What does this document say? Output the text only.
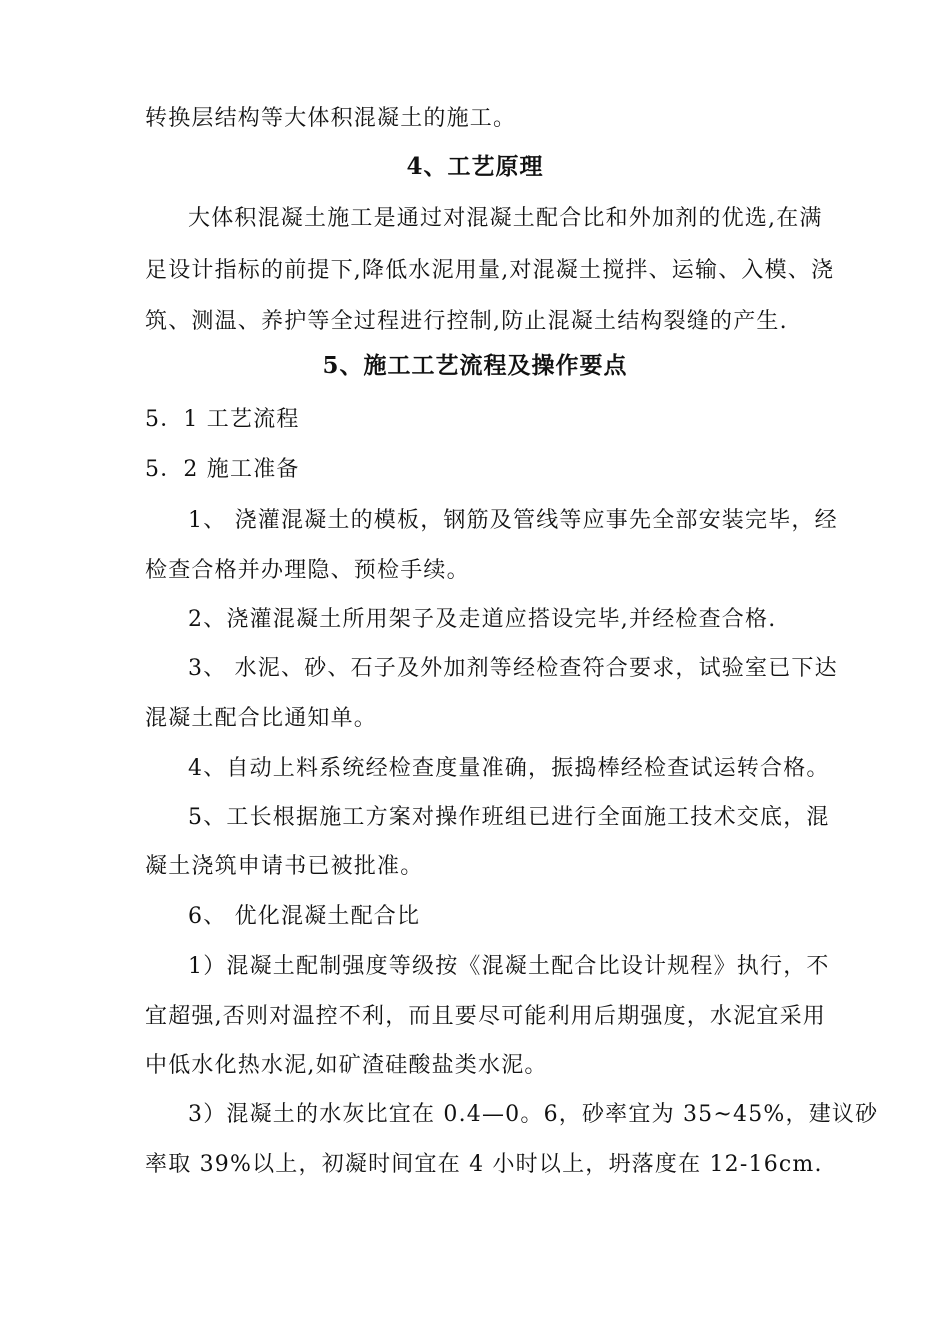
转换层结构等大体积混凝土的施工。
4、工艺原理
大体积混凝土施工是通过对混凝土配合比和外加剂的优选,在满
足设计指标的前提下,降低水泥用量,对混凝土搅拌、运输、入模、浇
筑、测温、养护等全过程进行控制,防止混凝土结构裂缝的产生.
5、施工工艺流程及操作要点
5．1 工艺流程
5．2 施工准备
1、 浇灌混凝土的模板，钢筋及管线等应事先全部安装完毕，经
检查合格并办理隐、预检手续。
2、浇灌混凝土所用架子及走道应搭设完毕,并经检查合格.
3、 水泥、砂、石子及外加剂等经检查符合要求，试验室已下达
混凝土配合比通知单。
4、自动上料系统经检查度量准确，振捣棒经检查试运转合格。
5、工长根据施工方案对操作班组已进行全面施工技术交底，混
凝土浇筑申请书已被批准。
6、 优化混凝土配合比
1）混凝土配制强度等级按《混凝土配合比设计规程》执行，不
宜超强,否则对温控不利，而且要尽可能利用后期强度，水泥宜采用
中低水化热水泥,如矿渣硅酸盐类水泥。
3）混凝土的水灰比宜在 0.4—0。6，砂率宜为 35~45%，建议砂
率取 39%以上，初凝时间宜在 4 小时以上，坍落度在 12-16cm.
